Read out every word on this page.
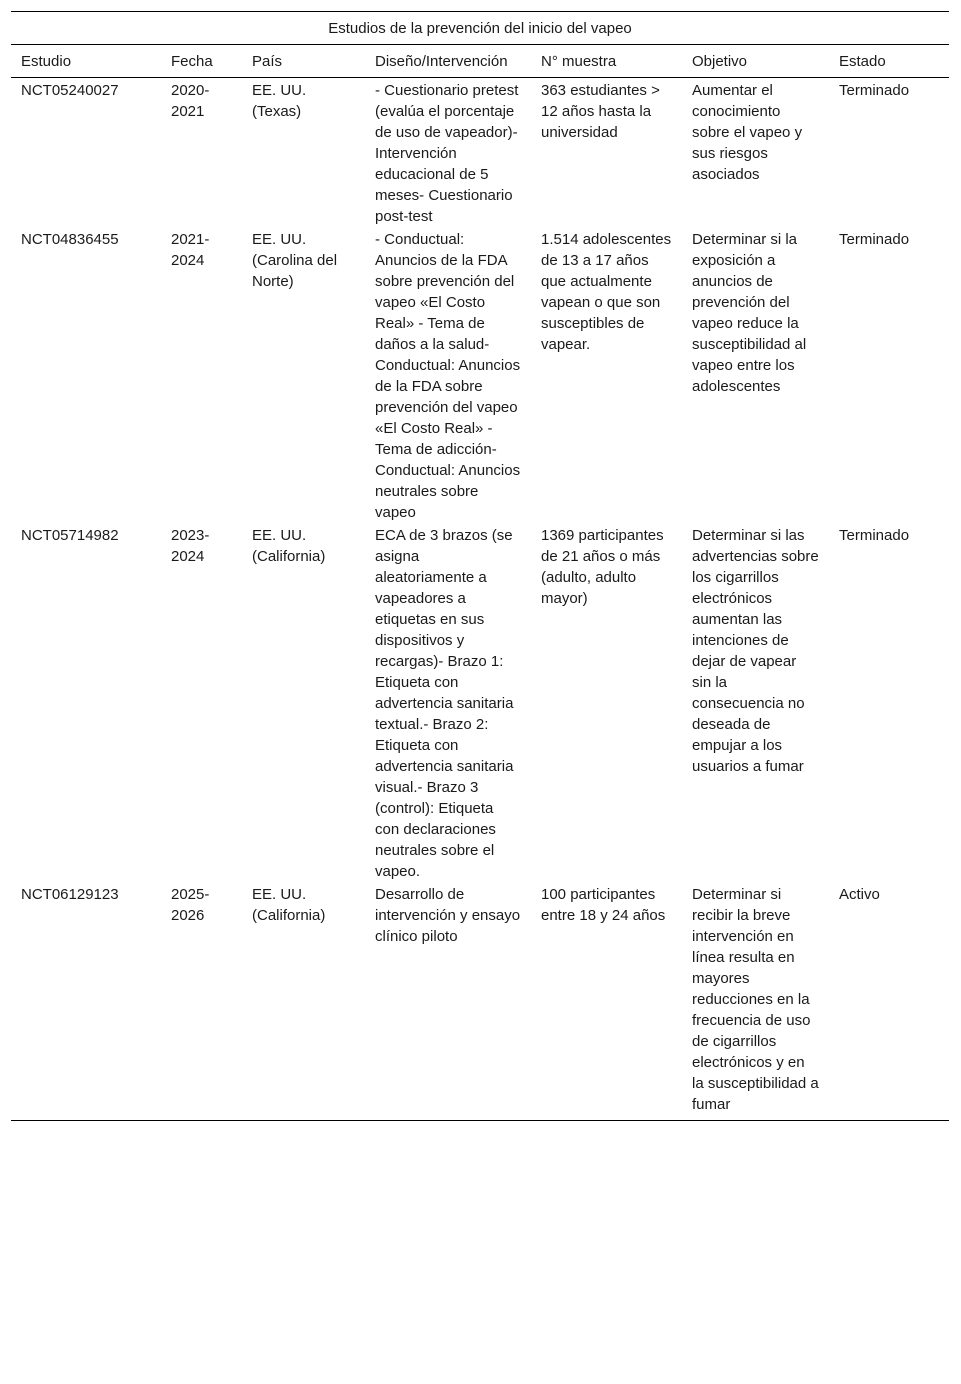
Estudios de la prevención del inicio del vapeo
Estudio	Fecha	País	Diseño/Intervención	N° muestra	Objetivo	Estado
NCT05240027	2020-2021	EE. UU. (Texas)	- Cuestionario pretest (evalúa el porcentaje de uso de vapeador)- Intervención educacional de 5 meses- Cuestionario post-test	363 estudiantes > 12 años hasta la universidad	Aumentar el conocimiento sobre el vapeo y sus riesgos asociados	Terminado
NCT04836455	2021-2024	EE. UU. (Carolina del Norte)	- Conductual: Anuncios de la FDA sobre prevención del vapeo «El Costo Real» - Tema de daños a la salud- Conductual: Anuncios de la FDA sobre prevención del vapeo «El Costo Real» - Tema de adicción- Conductual: Anuncios neutrales sobre vapeo	1.514 adolescentes de 13 a 17 años que actualmente vapean o que son susceptibles de vapear.	Determinar si la exposición a anuncios de prevención del vapeo reduce la susceptibilidad al vapeo entre los adolescentes	Terminado
NCT05714982	2023-2024	EE. UU. (California)	ECA de 3 brazos (se asigna aleatoriamente a vapeadores a etiquetas en sus dispositivos y recargas)- Brazo 1: Etiqueta con advertencia sanitaria textual.- Brazo 2: Etiqueta con advertencia sanitaria visual.- Brazo 3 (control): Etiqueta con declaraciones neutrales sobre el vapeo.	1369 participantes de 21 años o más (adulto, adulto mayor)	Determinar si las advertencias sobre los cigarrillos electrónicos aumentan las intenciones de dejar de vapear sin la consecuencia no deseada de empujar a los usuarios a fumar	Terminado
NCT06129123	2025-2026	EE. UU. (California)	Desarrollo de intervención y ensayo clínico piloto	100 participantes entre 18 y 24 años	Determinar si recibir la breve intervención en línea resulta en mayores reducciones en la frecuencia de uso de cigarrillos electrónicos y en la susceptibilidad a fumar	Activo
